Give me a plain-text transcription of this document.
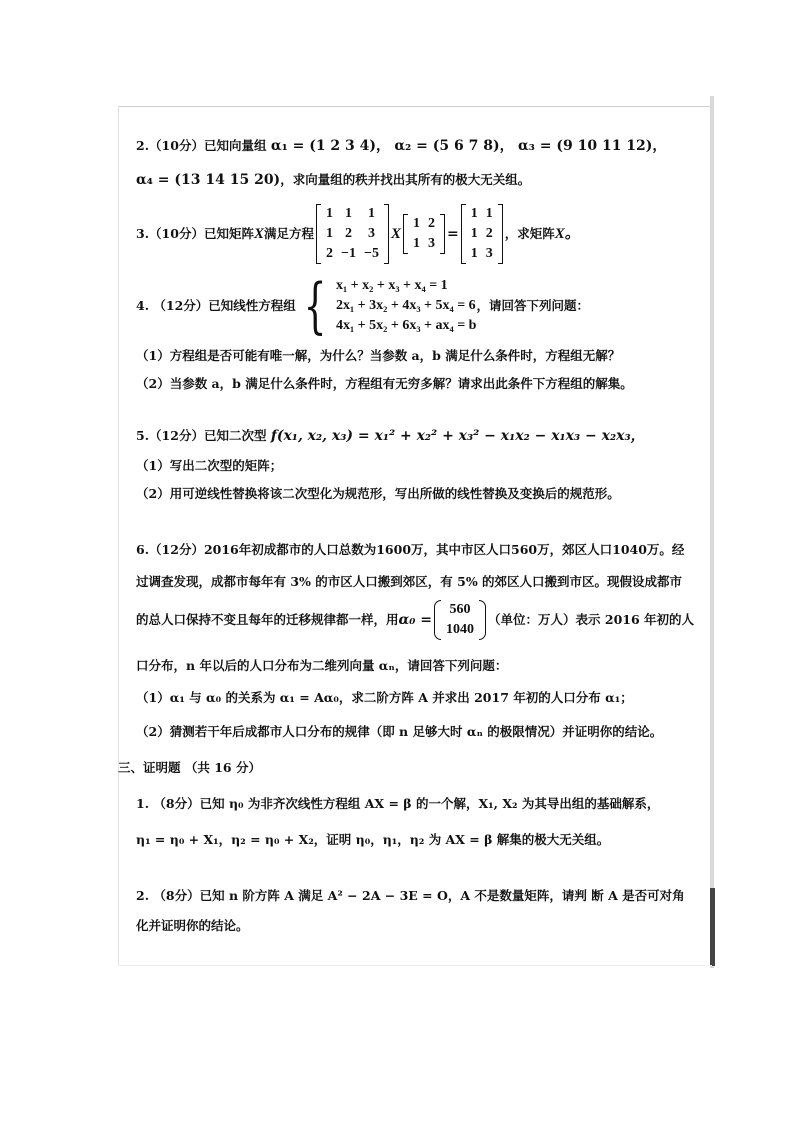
2.（10分）已知向量组 α₁ = (1 2 3 4)， α₂ = (5 6 7 8)， α₃ = (9 10 11 12)，
α₄ = (13 14 15 20)，求向量组的秩并找出其所有的极大无关组。
3.（10分）已知矩阵 X 满足方程
1	1	1
1	2	3
2	−1	−5
X
1	2
1	3
=
1	1
1	2
1	3
，求矩阵 X。
4. （12分）已知线性方程组 { x₁ + x₂ + x₃ + x₄ = 1
2x₁ + 3x₂ + 4x₃ + 5x₄ = 6
4x₁ + 5x₂ + 6x₃ + ax₄ = b
，请回答下列问题：
（1）方程组是否可能有唯一解，为什么？当参数 a，b 满足什么条件时，方程组无解？
（2）当参数 a，b 满足什么条件时，方程组有无穷多解？请求出此条件下方程组的解集。
5.（12分）已知二次型 f(x₁, x₂, x₃) = x₁² + x₂² + x₃² − x₁x₂ − x₁x₃ − x₂x₃，
（1）写出二次型的矩阵；
（2）用可逆线性替换将该二次型化为规范形，写出所做的线性替换及变换后的规范形。
6.（12分）2016年初成都市的人口总数为1600万，其中市区人口560万，郊区人口1040万。经
过调查发现，成都市每年有 3% 的市区人口搬到郊区，有 5% 的郊区人口搬到市区。现假设成都市
的总人口保持不变且每年的迁移规律都一样，用 α₀ =
560
1040
（单位：万人）表示 2016 年初的人
口分布，n 年以后的人口分布为二维列向量 αₙ，请回答下列问题：
（1）α₁ 与 α₀ 的关系为 α₁ = Aα₀，求二阶方阵 A 并求出 2017 年初的人口分布 α₁；
（2）猜测若干年后成都市人口分布的规律（即 n 足够大时 αₙ 的极限情况）并证明你的结论。
三、证明题 （共 16 分）
1. （8分）已知 η₀ 为非齐次线性方程组 AX = β 的一个解，X₁, X₂ 为其导出组的基础解系，
η₁ = η₀ + X₁，η₂ = η₀ + X₂，证明 η₀，η₁，η₂ 为 AX = β 解集的极大无关组。
2. （8分）已知 n 阶方阵 A 满足 A² − 2A − 3E = O，A 不是数量矩阵，请判 断 A 是否可对角
化并证明你的结论。
